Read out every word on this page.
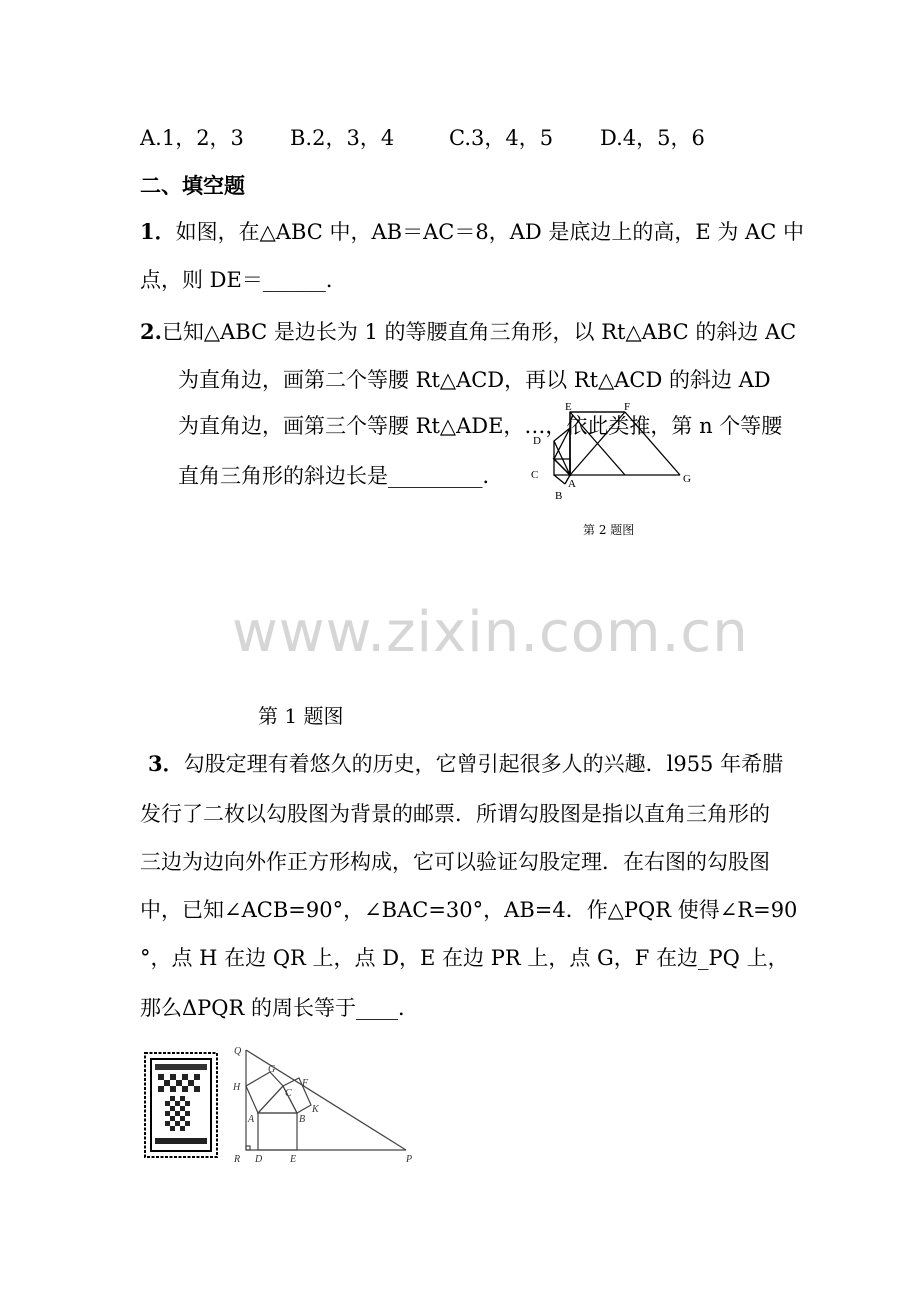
A.1，2，3 B.2，3，4	C.3，4，5 D.4，5，6
二、填空题
1．如图，在△ABC 中，AB＝AC＝8，AD 是底边上的高，E 为 AC 中
点，则 DE＝______．
2.已知△ABC 是边长为 1 的等腰直角三角形，以 Rt△ABC 的斜边 AC
为直角边，画第二个等腰 Rt△ACD，再以 Rt△ACD 的斜边 AD
为直角边，画第三个等腰 Rt△ADE，…，依此类推，第 n 个等腰
直角三角形的斜边长是_________．
E	F
D
C
A
B
G
第 2 题图
www.zixin.com.cn
第 1 题图
3．勾股定理有着悠久的历史，它曾引起很多人的兴趣．l955 年希腊
发行了二枚以勾股图为背景的邮票．所谓勾股图是指以直角三角形的
三边为边向外作正方形构成，它可以验证勾股定理．在右图的勾股图
中，已知∠ACB=90°，∠BAC=30°，AB=4．作△PQR 使得∠R=90
°，点 H 在边 QR 上，点 D，E 在边 PR 上，点 G，F 在边_PQ 上，
那么ΔPQR 的周长等于____．
Q
G
H
C
F
K
A	B
R D	E	P
